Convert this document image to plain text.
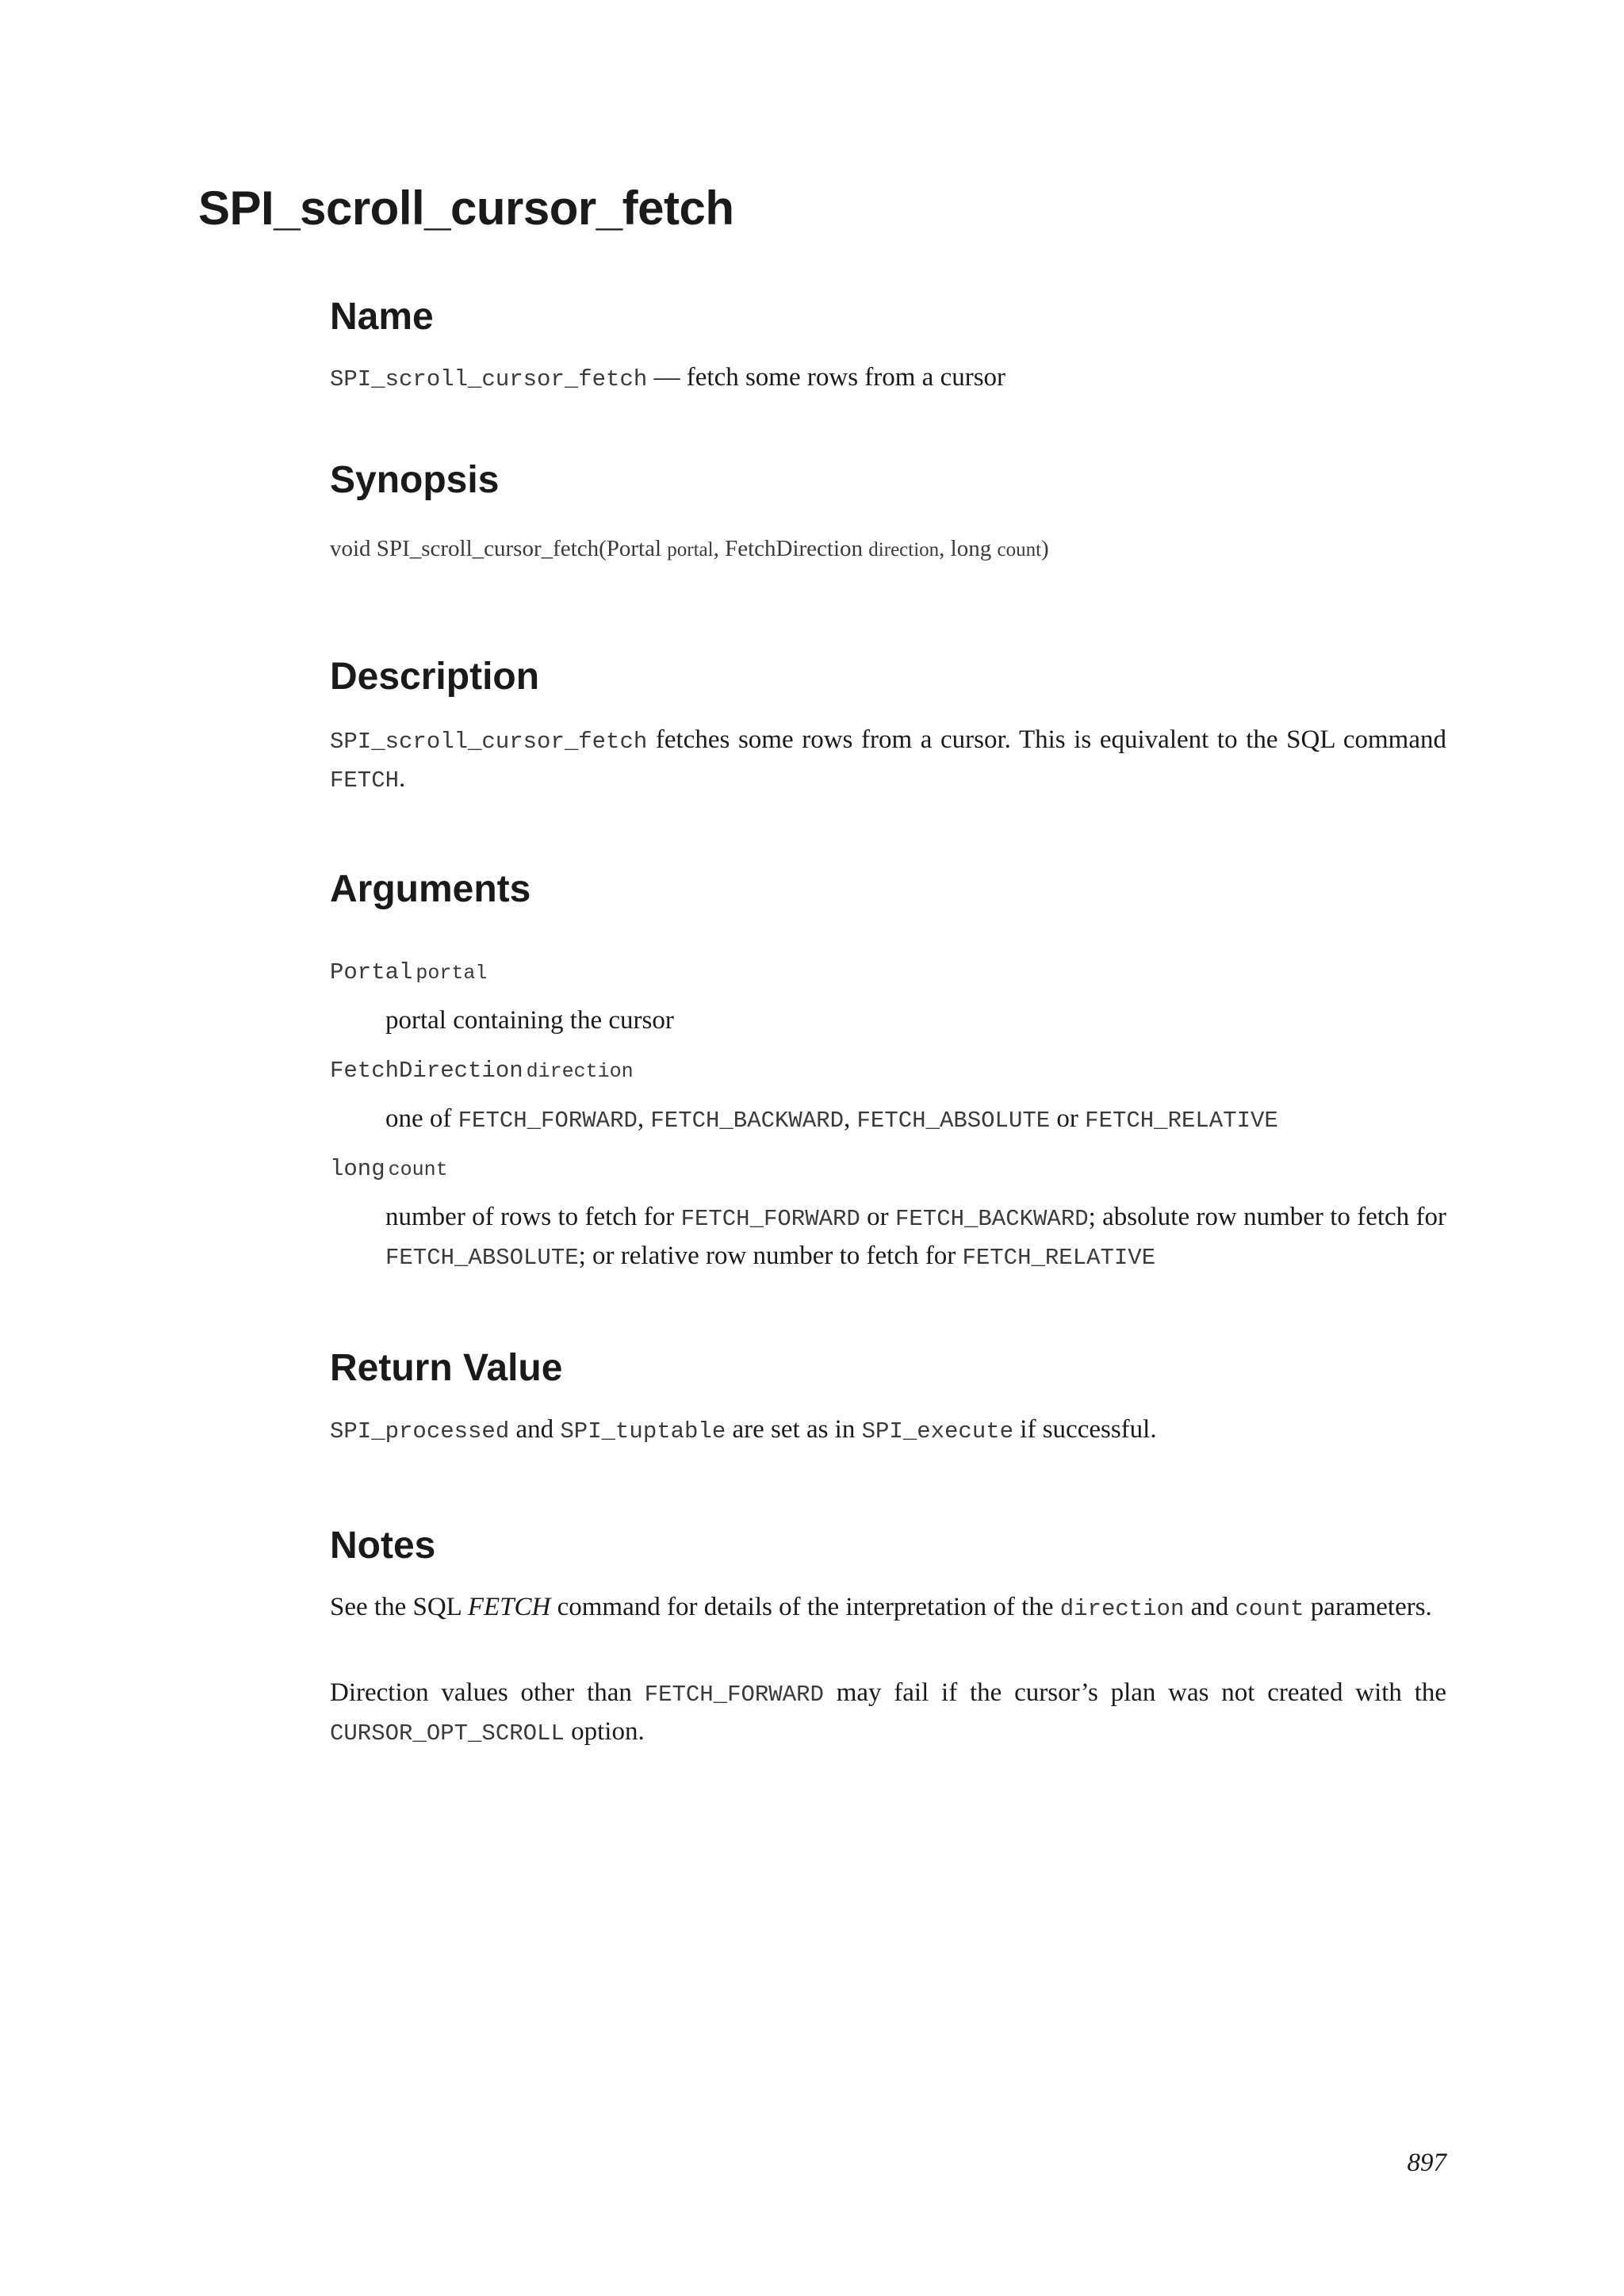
SPI_scroll_cursor_fetch
Name

SPI_scroll_cursor_fetch — fetch some rows from a cursor

Synopsis

void SPI_scroll_cursor_fetch(Portal portal, FetchDirection direction, long count)

Description

SPI_scroll_cursor_fetch fetches some rows from a cursor. This is equivalent to the SQL command FETCH.

Arguments

Portal portal

portal containing the cursor

FetchDirection direction

one of FETCH_FORWARD, FETCH_BACKWARD, FETCH_ABSOLUTE or FETCH_RELATIVE

long count

number of rows to fetch for FETCH_FORWARD or FETCH_BACKWARD; absolute row number to fetch for FETCH_ABSOLUTE; or relative row number to fetch for FETCH_RELATIVE

Return Value

SPI_processed and SPI_tuptable are set as in SPI_execute if successful.

Notes

See the SQL FETCH command for details of the interpretation of the direction and count parameters.

Direction values other than FETCH_FORWARD may fail if the cursor’s plan was not created with the CURSOR_OPT_SCROLL option.

897
